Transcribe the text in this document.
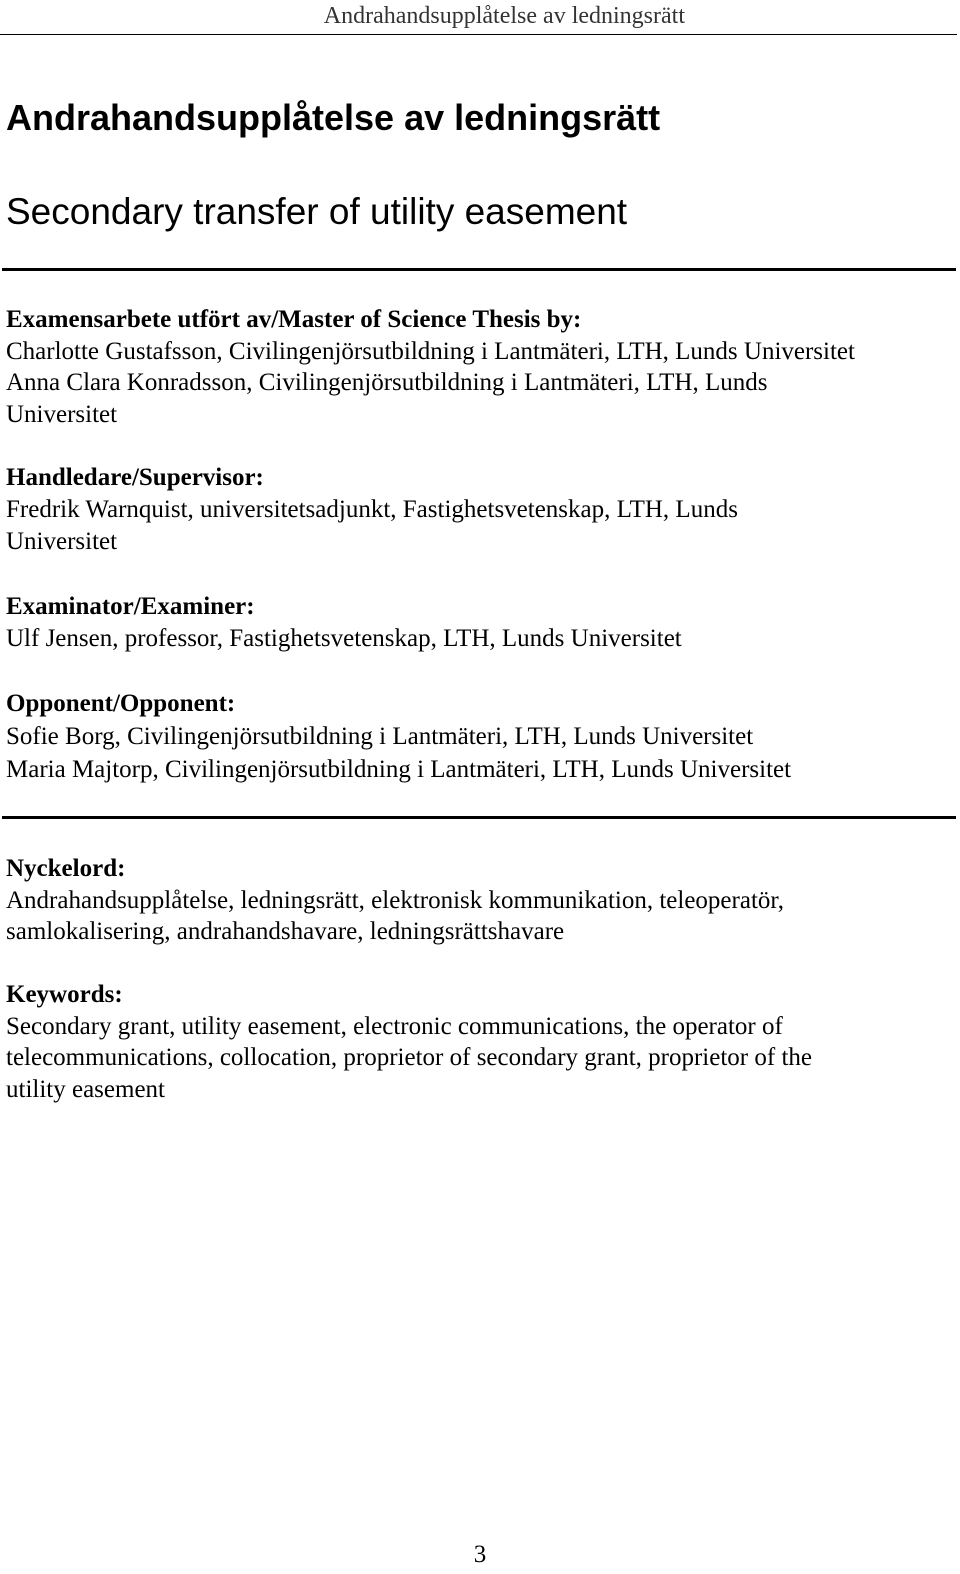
Andrahandsupplåtelse av ledningsrätt
Andrahandsupplåtelse av ledningsrätt
Secondary transfer of utility easement
Examensarbete utfört av/Master of Science Thesis by:
Charlotte Gustafsson, Civilingenjörsutbildning i Lantmäteri, LTH, Lunds Universitet
Anna Clara Konradsson, Civilingenjörsutbildning i Lantmäteri, LTH, Lunds
Universitet
Handledare/Supervisor:
Fredrik Warnquist, universitetsadjunkt, Fastighetsvetenskap, LTH, Lunds
Universitet
Examinator/Examiner:
Ulf Jensen, professor, Fastighetsvetenskap, LTH, Lunds Universitet
Opponent/Opponent:
Sofie Borg, Civilingenjörsutbildning i Lantmäteri, LTH, Lunds Universitet
Maria Majtorp, Civilingenjörsutbildning i Lantmäteri, LTH, Lunds Universitet
Nyckelord:
Andrahandsupplåtelse, ledningsrätt, elektronisk kommunikation, teleoperatör,
samlokalisering, andrahandshavare, ledningsrättshavare
Keywords:
Secondary grant, utility easement, electronic communications, the operator of
telecommunications, collocation, proprietor of secondary grant, proprietor of the
utility easement
3
